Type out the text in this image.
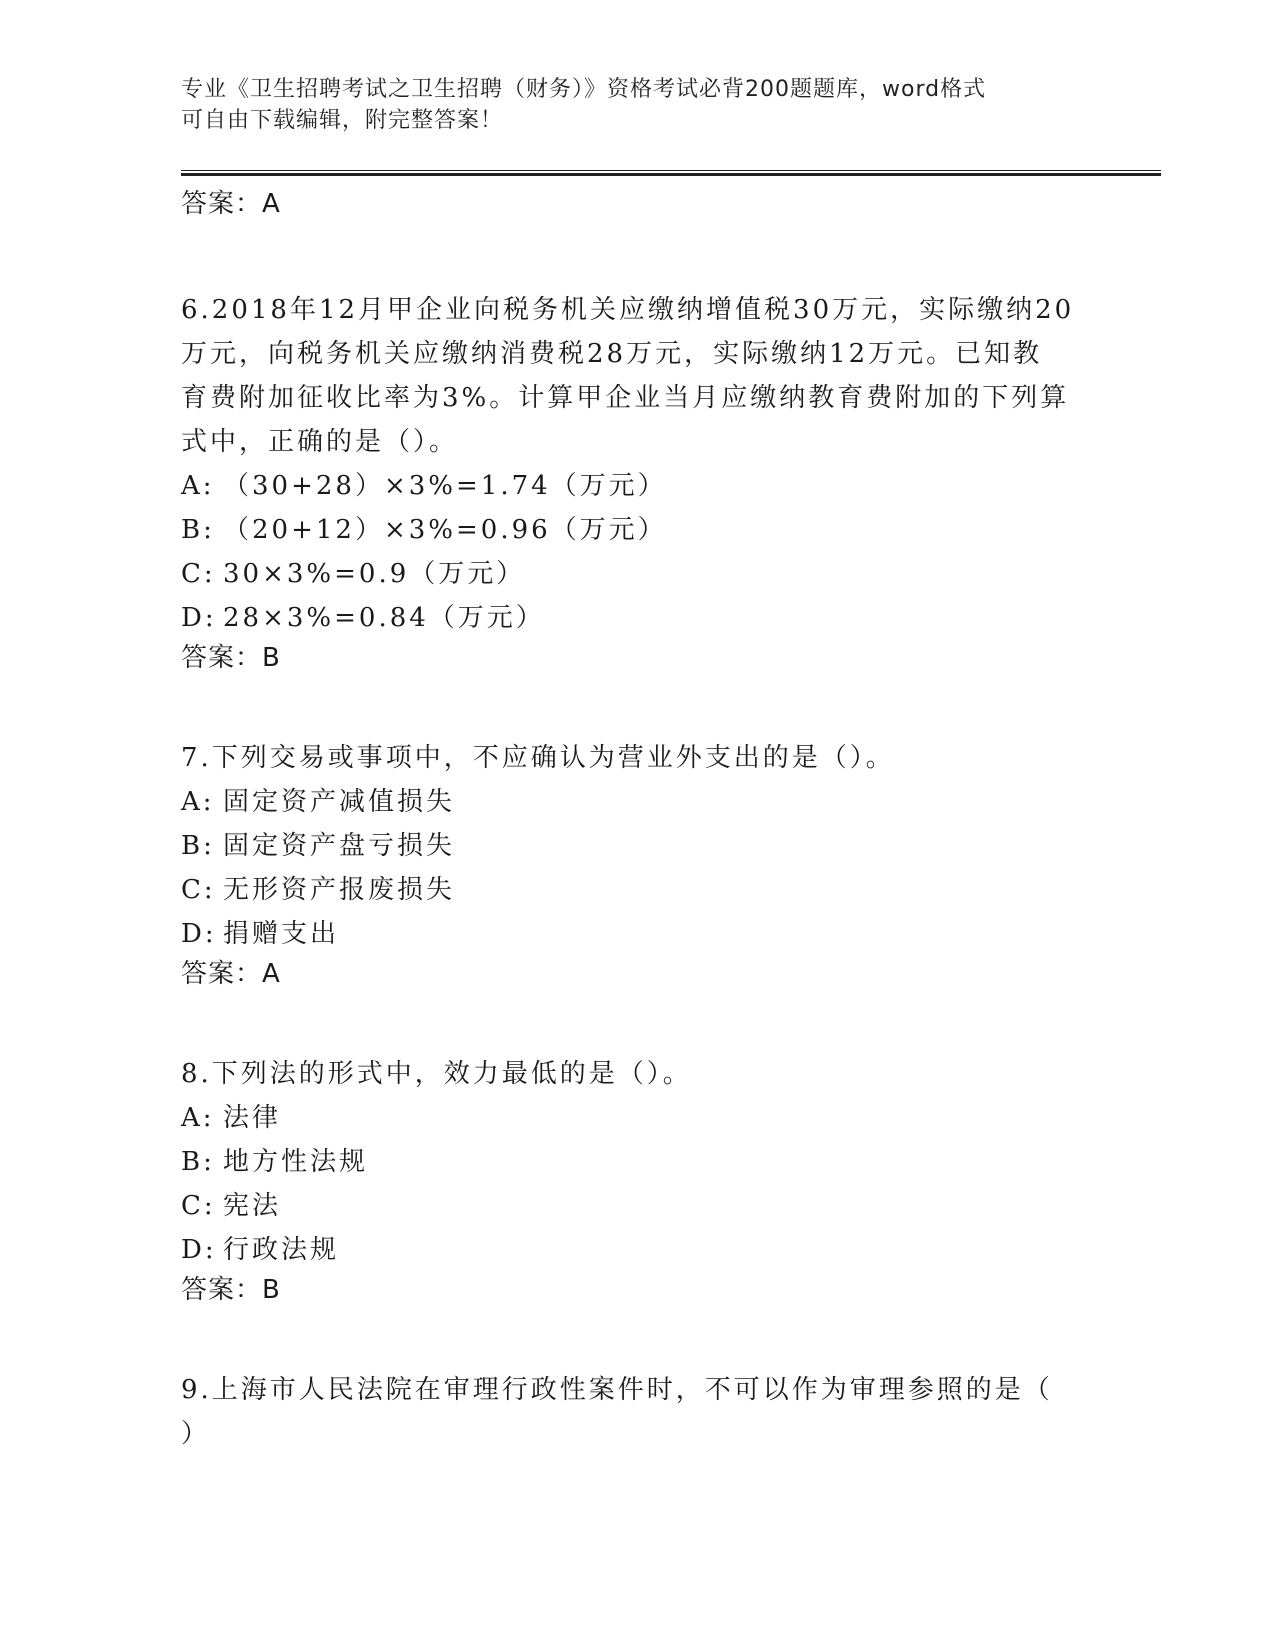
专业《卫生招聘考试之卫生招聘（财务）》资格考试必背200题题库，word格式
可自由下载编辑，附完整答案！
答案：A
6.2018年12月甲企业向税务机关应缴纳增值税30万元，实际缴纳20
万元，向税务机关应缴纳消费税28万元，实际缴纳12万元。已知教
育费附加征收比率为3%。计算甲企业当月应缴纳教育费附加的下列算
式中，正确的是（）。
A: （30+28）×3%=1.74（万元）
B: （20+12）×3%=0.96（万元）
C: 30×3%=0.9（万元）
D: 28×3%=0.84（万元）
答案：B
7.下列交易或事项中，不应确认为营业外支出的是（）。
A: 固定资产减值损失
B: 固定资产盘亏损失
C: 无形资产报废损失
D: 捐赠支出
答案：A
8.下列法的形式中，效力最低的是（）。
A: 法律
B: 地方性法规
C: 宪法
D: 行政法规
答案：B
9.上海市人民法院在审理行政性案件时，不可以作为审理参照的是（
）
